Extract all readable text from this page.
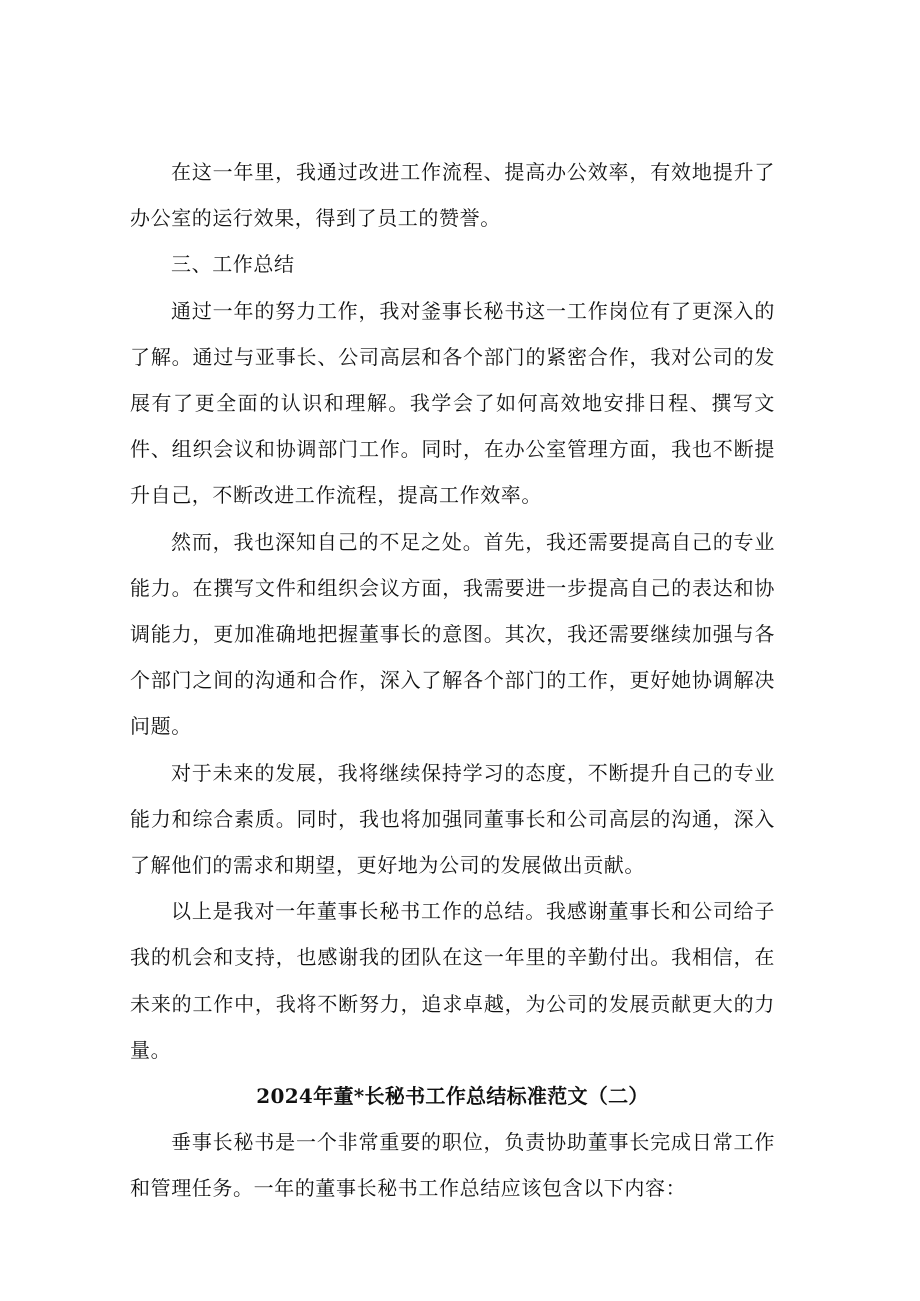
在这一年里，我通过改进工作流程、提高办公效率，有效地提升了办公室的运行效果，得到了员工的赞誉。

三、工作总结

通过一年的努力工作，我对釜事长秘书这一工作岗位有了更深入的了解。通过与亚事长、公司高层和各个部门的紧密合作，我对公司的发展有了更全面的认识和理解。我学会了如何高效地安排日程、撰写文件、组织会议和协调部门工作。同时，在办公室管理方面，我也不断提升自己，不断改进工作流程，提高工作效率。

然而，我也深知自己的不足之处。首先，我还需要提高自己的专业能力。在撰写文件和组织会议方面，我需要进一步提高自己的表达和协调能力，更加准确地把握董事长的意图。其次，我还需要继续加强与各个部门之间的沟通和合作，深入了解各个部门的工作，更好她协调解决问题。

对于未来的发展，我将继续保持学习的态度，不断提升自己的专业能力和综合素质。同时，我也将加强同董事长和公司高层的沟通，深入了解他们的需求和期望，更好地为公司的发展做出贡献。

以上是我对一年董事长秘书工作的总结。我感谢董事长和公司给子我的机会和支持，也感谢我的团队在这一年里的辛勤付出。我相信，在未来的工作中，我将不断努力，追求卓越，为公司的发展贡献更大的力量。

2024年董*长秘书工作总结标准范文（二）

垂事长秘书是一个非常重要的职位，负责协助董事长完成日常工作和管理任务。一年的董事长秘书工作总结应该包含以下内容：
